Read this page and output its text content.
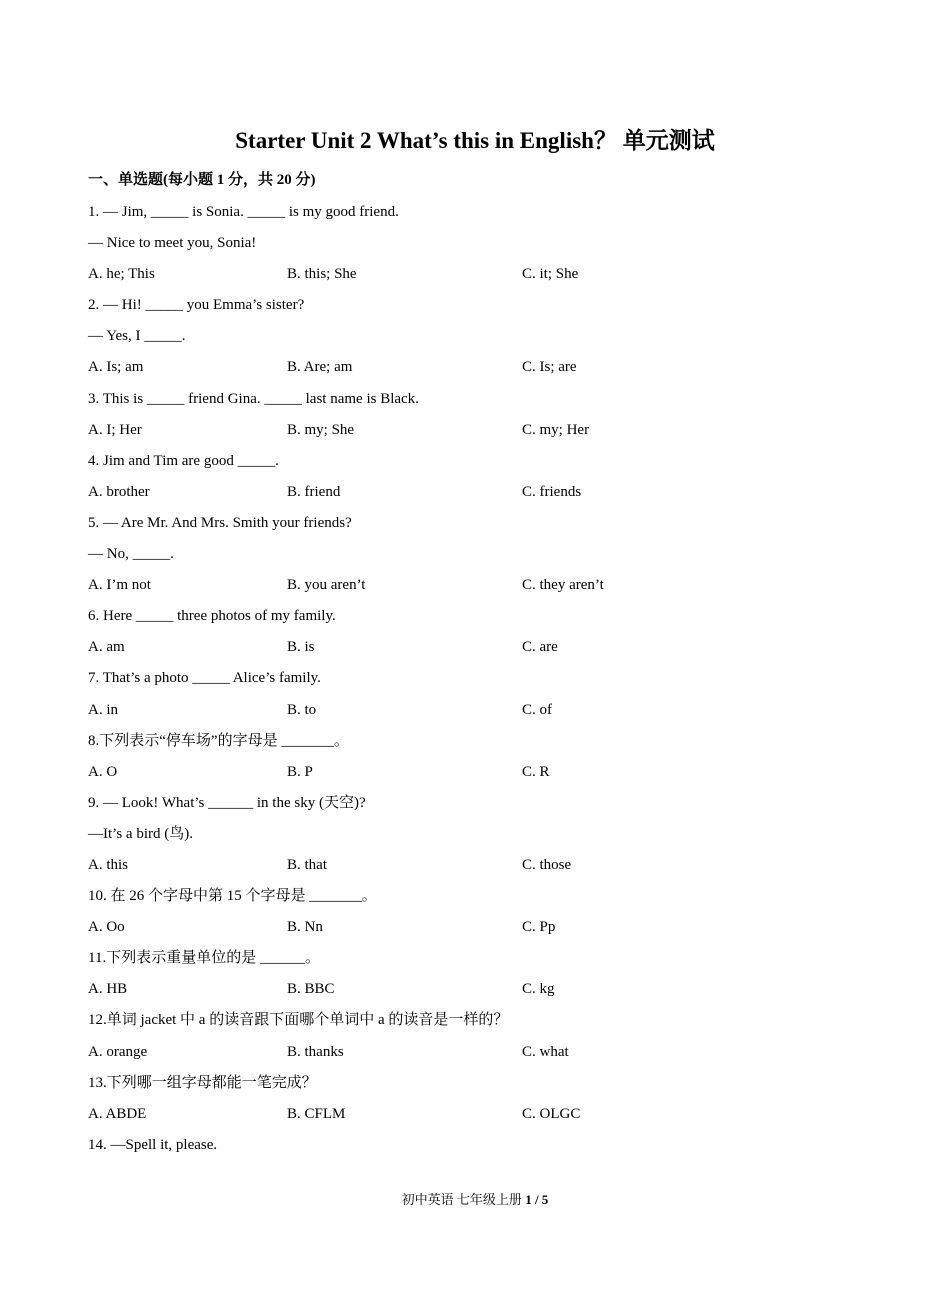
Starter Unit 2 What’s this in English？ 单元测试
一、单选题(每小题 1 分，共 20 分)
1. — Jim, _____ is Sonia. _____ is my good friend.
— Nice to meet you, Sonia!
A. he; This	B. this; She	C. it; She
2. — Hi! _____ you Emma’s sister?
— Yes, I _____.
A. Is; am	B. Are; am	C. Is; are
3. This is _____ friend Gina. _____ last name is Black.
A. I; Her	B. my; She	C. my; Her
4. Jim and Tim are good _____.
A. brother	B. friend	C. friends
5. — Are Mr. And Mrs. Smith your friends?
— No, _____.
A. I’m not	B. you aren’t	C. they aren’t
6. Here _____ three photos of my family.
A. am	B. is	C. are
7. That’s a photo _____ Alice’s family.
A. in	B. to	C. of
8.下列表示“停车场”的字母是 _______。
A. O	B. P	C. R
9. — Look! What’s ______ in the sky (天空)?
—It’s a bird (鸟).
A. this	B. that	C. those
10. 在 26 个字母中第 15 个字母是 _______。
A. Oo	B. Nn	C. Pp
11.下列表示重量单位的是 ______。
A. HB	B. BBC	C. kg
12.单词 jacket 中 a 的读音跟下面哪个单词中 a 的读音是一样的？
A. orange	B. thanks	C. what
13.下列哪一组字母都能一笔完成？
A. ABDE	B. CFLM	C. OLGC
14. —Spell it, please.
初中英语 七年级上册 1 / 5
